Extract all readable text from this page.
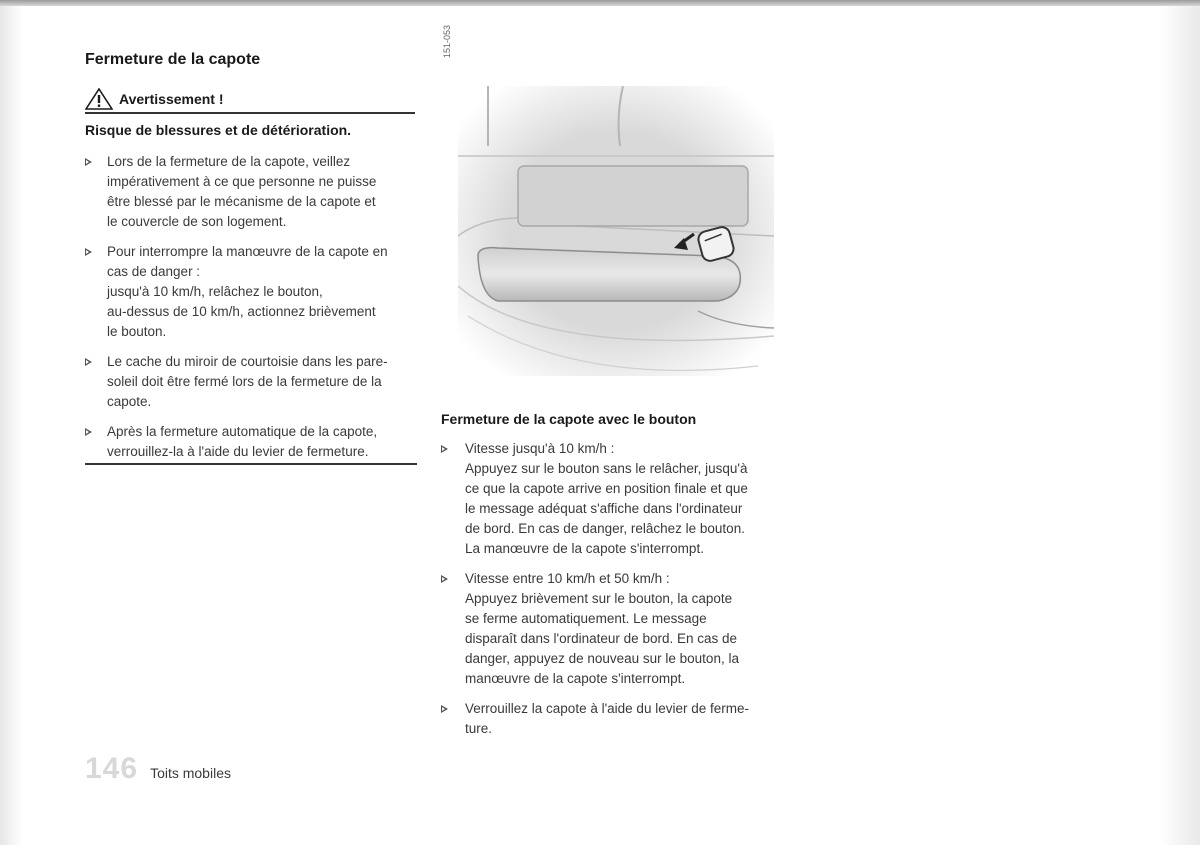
Fermeture de la capote
Avertissement !
Risque de blessures et de détérioration.
Lors de la fermeture de la capote, veillez
impérativement à ce que personne ne puisse
être blessé par le mécanisme de la capote et
le couvercle de son logement.
Pour interrompre la manœuvre de la capote en
cas de danger :
jusqu'à 10 km/h, relâchez le bouton,
au-dessus de 10 km/h, actionnez brièvement
le bouton.
Le cache du miroir de courtoisie dans les pare-
soleil doit être fermé lors de la fermeture de la
capote.
Après la fermeture automatique de la capote,
verrouillez-la à l'aide du levier de fermeture.
151-053
Fermeture de la capote avec le bouton
Vitesse jusqu'à 10 km/h :
Appuyez sur le bouton sans le relâcher, jusqu'à
ce que la capote arrive en position finale et que
le message adéquat s'affiche dans l'ordinateur
de bord. En cas de danger, relâchez le bouton.
La manœuvre de la capote s'interrompt.
Vitesse entre 10 km/h et 50 km/h :
Appuyez brièvement sur le bouton, la capote
se ferme automatiquement. Le message
disparaît dans l'ordinateur de bord. En cas de
danger, appuyez de nouveau sur le bouton, la
manœuvre de la capote s'interrompt.
Verrouillez la capote à l'aide du levier de ferme-
ture.
146 Toits mobiles
